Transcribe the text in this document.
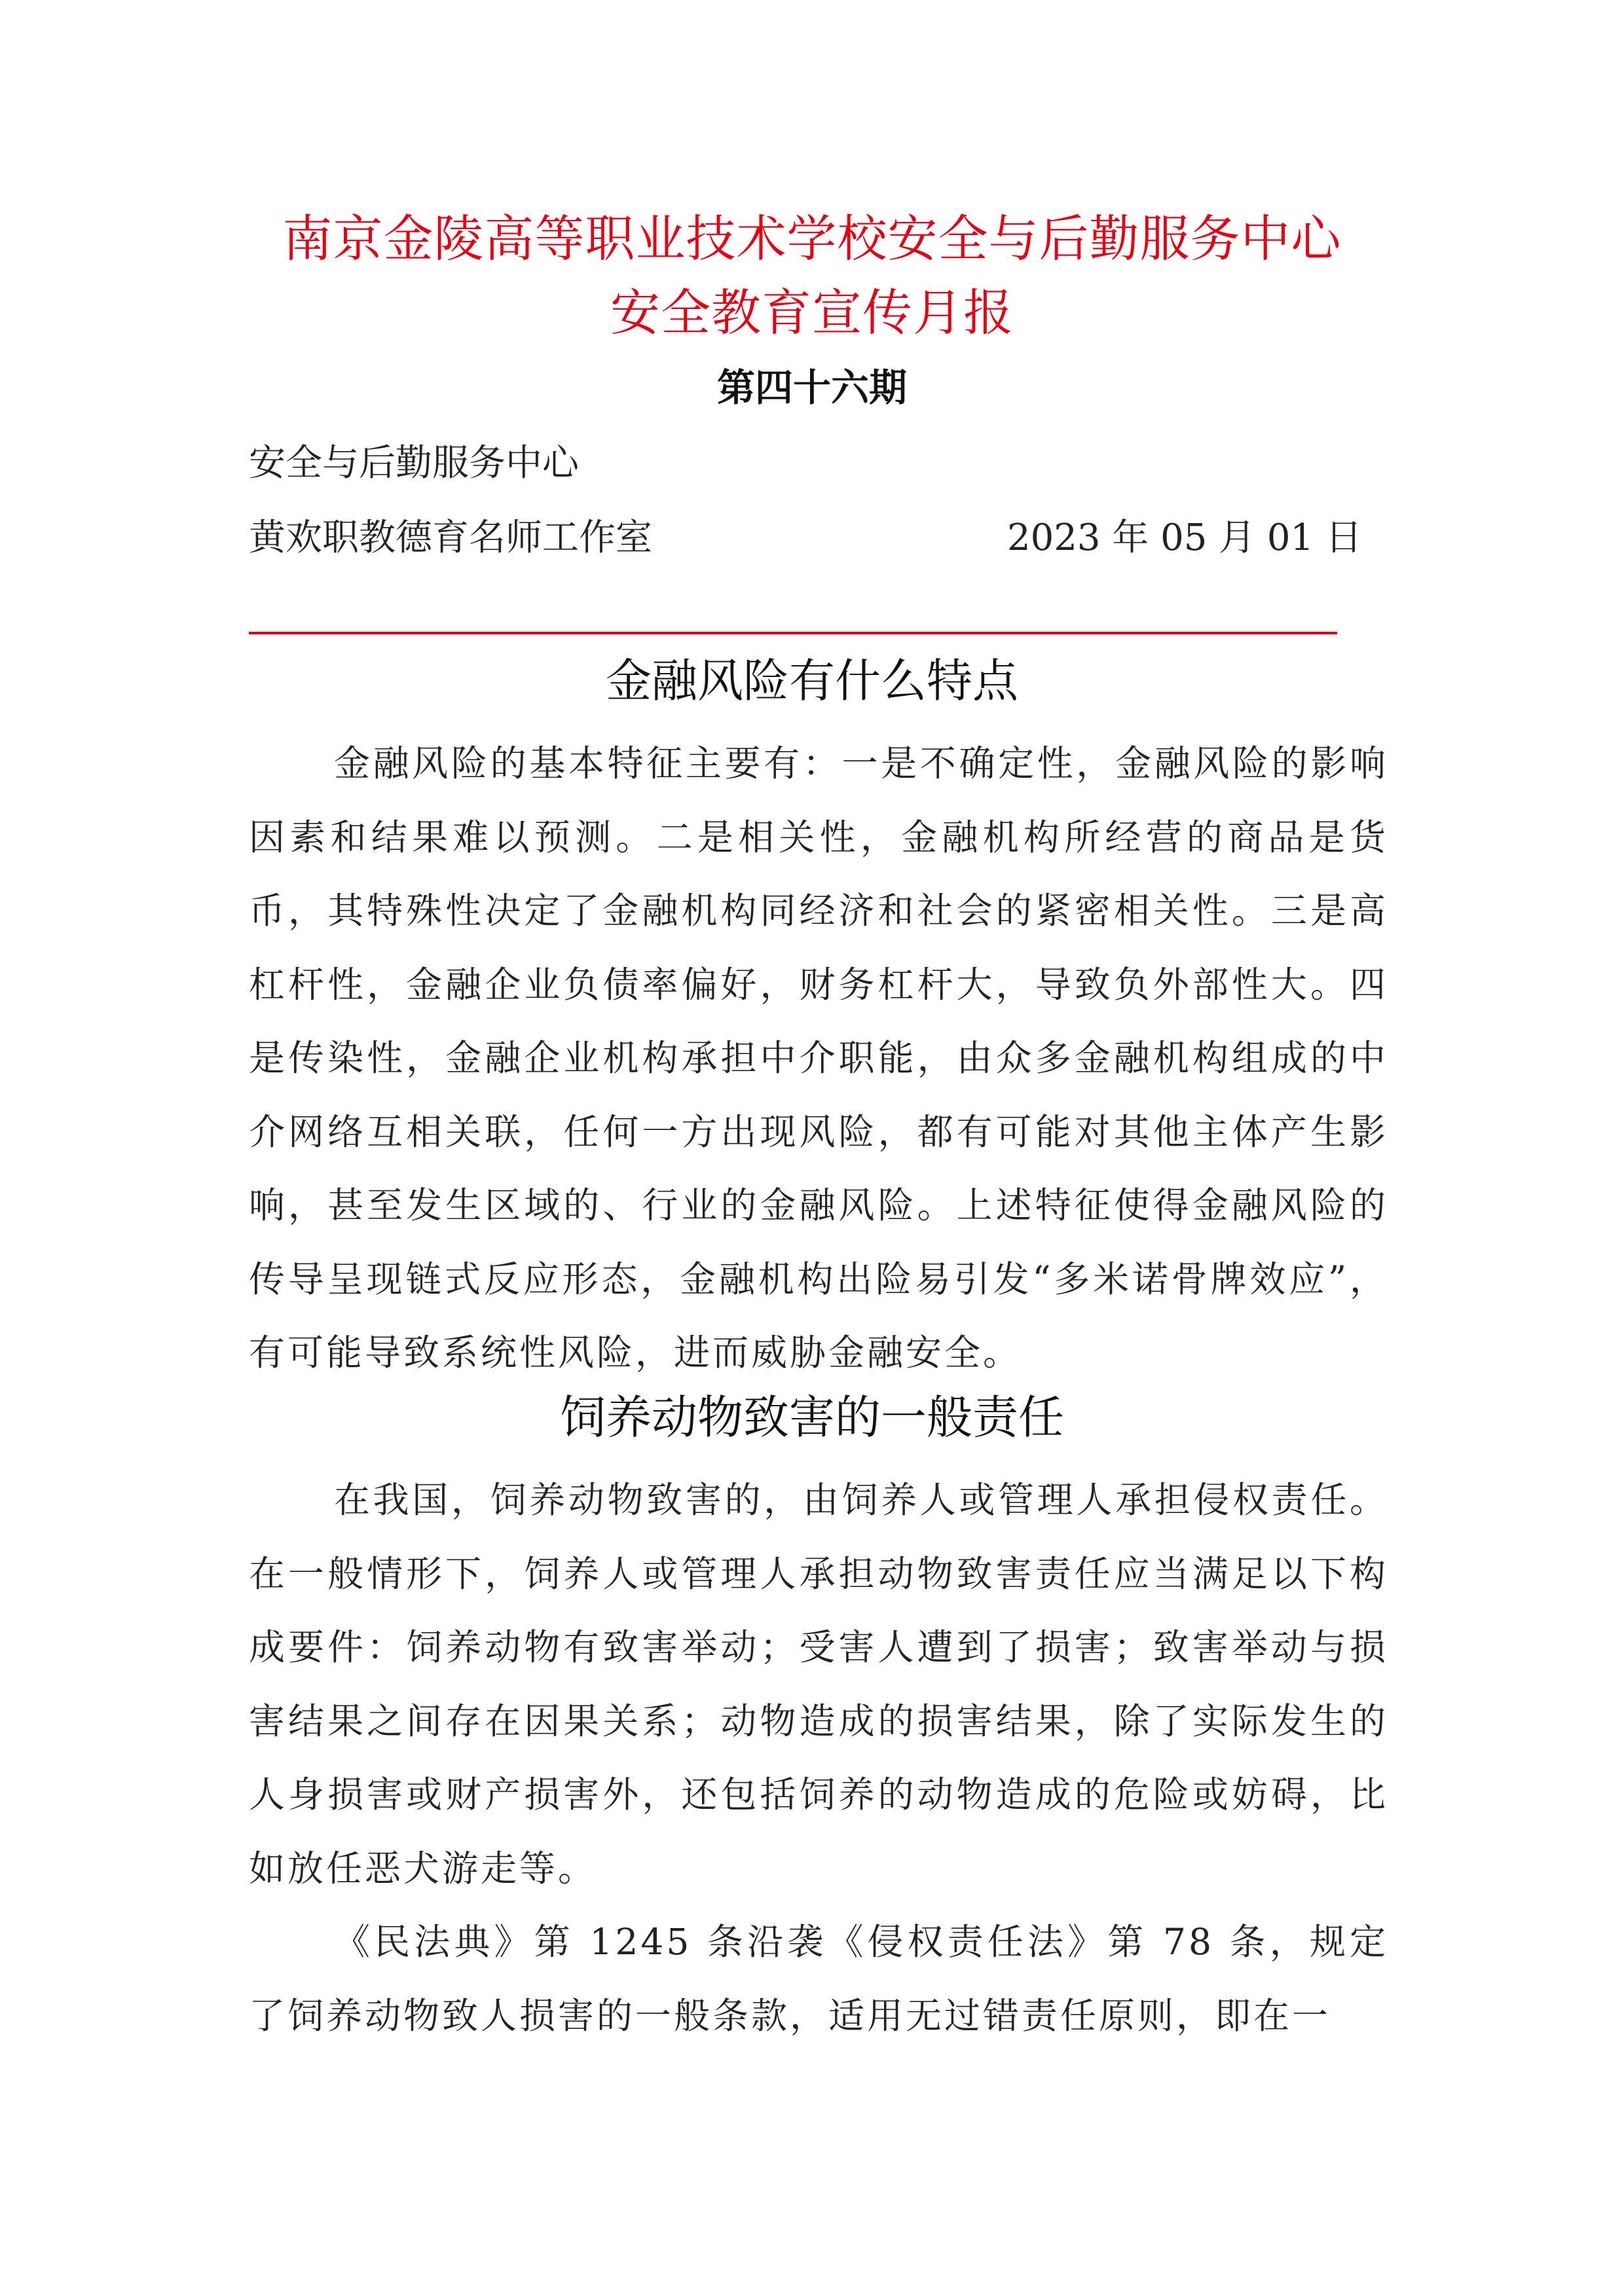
南京金陵高等职业技术学校安全与后勤服务中心
安全教育宣传月报
第四十六期
安全与后勤服务中心
黄欢职教德育名师工作室	2023 年 05 月 01 日
金融风险有什么特点

金融风险的基本特征主要有：一是不确定性，金融风险的影响因素和结果难以预测。二是相关性，金融机构所经营的商品是货币，其特殊性决定了金融机构同经济和社会的紧密相关性。三是高杠杆性，金融企业负债率偏好，财务杠杆大，导致负外部性大。四是传染性，金融企业机构承担中介职能，由众多金融机构组成的中介网络互相关联，任何一方出现风险，都有可能对其他主体产生影响，甚至发生区域的、行业的金融风险。上述特征使得金融风险的传导呈现链式反应形态，金融机构出险易引发“多米诺骨牌效应”，有可能导致系统性风险，进而威胁金融安全。

饲养动物致害的一般责任

在我国，饲养动物致害的，由饲养人或管理人承担侵权责任。在一般情形下，饲养人或管理人承担动物致害责任应当满足以下构成要件：饲养动物有致害举动；受害人遭到了损害；致害举动与损害结果之间存在因果关系；动物造成的损害结果，除了实际发生的人身损害或财产损害外，还包括饲养的动物造成的危险或妨碍，比如放任恶犬游走等。

《民法典》第 1245 条沿袭《侵权责任法》第 78 条，规定了饲养动物致人损害的一般条款，适用无过错责任原则，即在一
